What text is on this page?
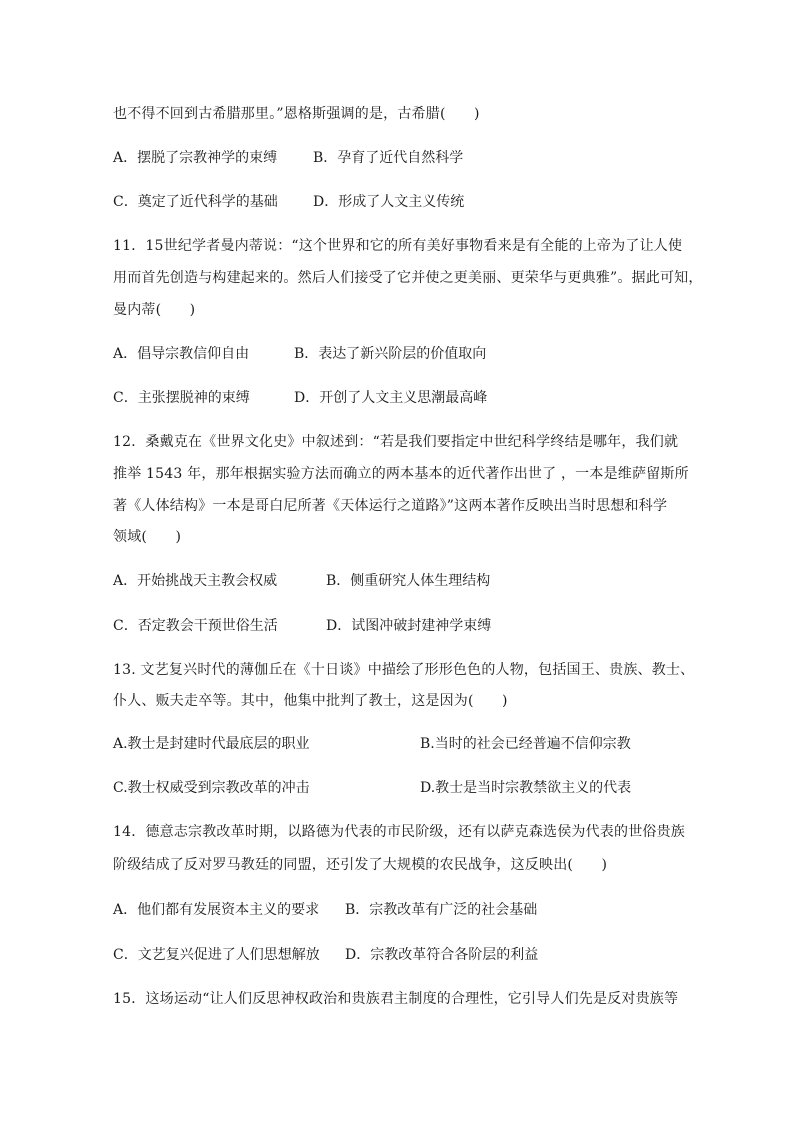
也不得不回到古希腊那里。”恩格斯强调的是，古希腊(　　)
A．摆脱了宗教神学的束缚	B．孕育了近代自然科学
C．奠定了近代科学的基础	D．形成了人文主义传统
11．15世纪学者曼内蒂说：“这个世界和它的所有美好事物看来是有全能的上帝为了让人使
用而首先创造与构建起来的。然后人们接受了它并使之更美丽、更荣华与更典雅”。据此可知，
曼内蒂(　　)
A．倡导宗教信仰自由	B．表达了新兴阶层的价值取向
C．主张摆脱神的束缚	D．开创了人文主义思潮最高峰
12．桑戴克在《世界文化史》中叙述到：“若是我们要指定中世纪科学终结是哪年，我们就
推举 1543 年，那年根据实验方法而确立的两本基本的近代著作出世了 ，一本是维萨留斯所
著《人体结构》一本是哥白尼所著《天体运行之道路》”这两本著作反映出当时思想和科学
领域(　　)
A．开始挑战天主教会权威	B．侧重研究人体生理结构
C．否定教会干预世俗生活	D．试图冲破封建神学束缚
13. 文艺复兴时代的薄伽丘在《十日谈》中描绘了形形色色的人物，包括国王、贵族、教士、
仆人、贩夫走卒等。其中，他集中批判了教士，这是因为(　　)
A.教士是封建时代最底层的职业	B.当时的社会已经普遍不信仰宗教
C.教士权威受到宗教改革的冲击	D.教士是当时宗教禁欲主义的代表
14．德意志宗教改革时期，以路德为代表的市民阶级，还有以萨克森选侯为代表的世俗贵族
阶级结成了反对罗马教廷的同盟，还引发了大规模的农民战争，这反映出(　　)
A．他们都有发展资本主义的要求 B．宗教改革有广泛的社会基础
C．文艺复兴促进了人们思想解放 D．宗教改革符合各阶层的利益
15．这场运动“让人们反思神权政治和贵族君主制度的合理性，它引导人们先是反对贵族等
